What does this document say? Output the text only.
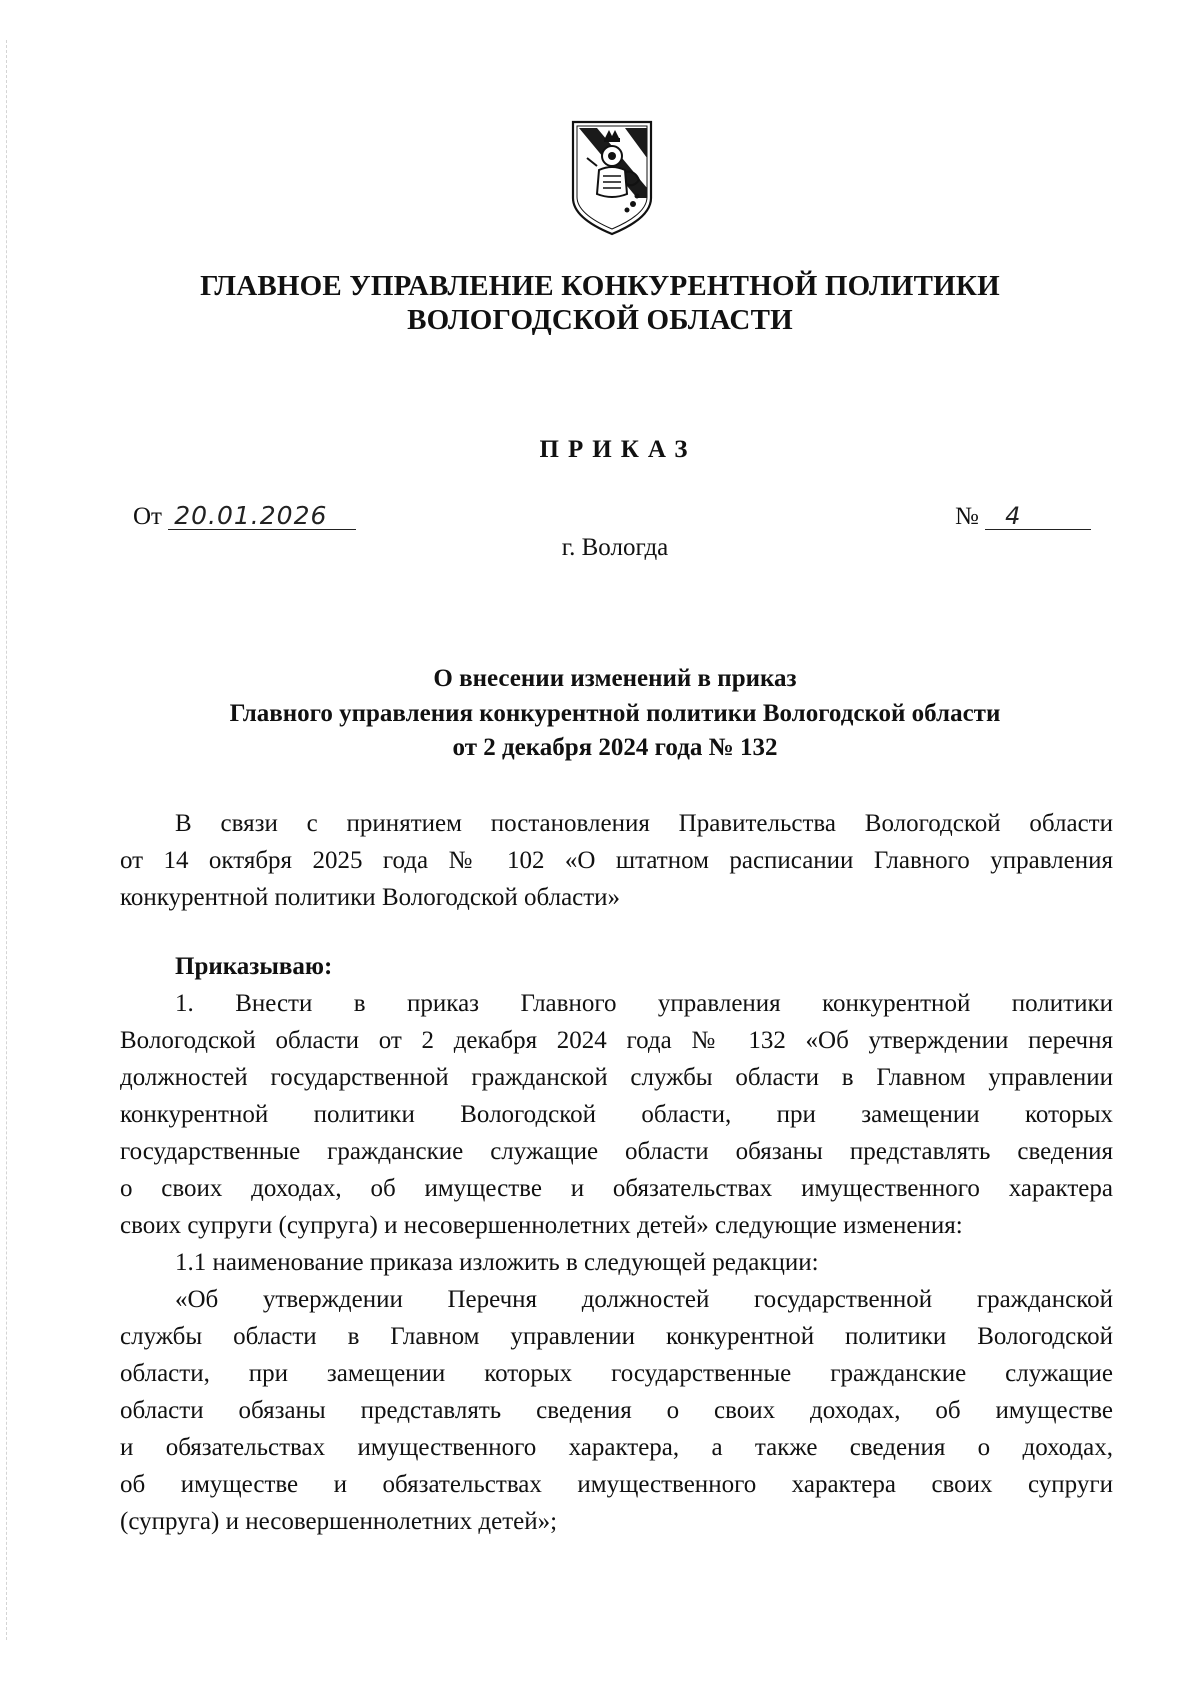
ГЛАВНОЕ УПРАВЛЕНИЕ КОНКУРЕНТНОЙ ПОЛИТИКИ
ВОЛОГОДСКОЙ ОБЛАСТИ
ПРИКАЗ
От 20.01.2026	№ 4
г. Вологда
О внесении изменений в приказ
Главного управления конкурентной политики Вологодской области
от 2 декабря 2024 года № 132
В связи с принятием постановления Правительства Вологодской области
от 14 октября 2025 года № 102 «О штатном расписании Главного управления
конкурентной политики Вологодской области»
Приказываю:
1. Внести в приказ Главного управления конкурентной политики
Вологодской области от 2 декабря 2024 года № 132 «Об утверждении перечня
должностей государственной гражданской службы области в Главном управлении
конкурентной политики Вологодской области, при замещении которых
государственные гражданские служащие области обязаны представлять сведения
о своих доходах, об имуществе и обязательствах имущественного характера
своих супруги (супруга) и несовершеннолетних детей» следующие изменения:
1.1 наименование приказа изложить в следующей редакции:
«Об утверждении Перечня должностей государственной гражданской
службы области в Главном управлении конкурентной политики Вологодской
области, при замещении которых государственные гражданские служащие
области обязаны представлять сведения о своих доходах, об имуществе
и обязательствах имущественного характера, а также сведения о доходах,
об имуществе и обязательствах имущественного характера своих супруги
(супруга) и несовершеннолетних детей»;
